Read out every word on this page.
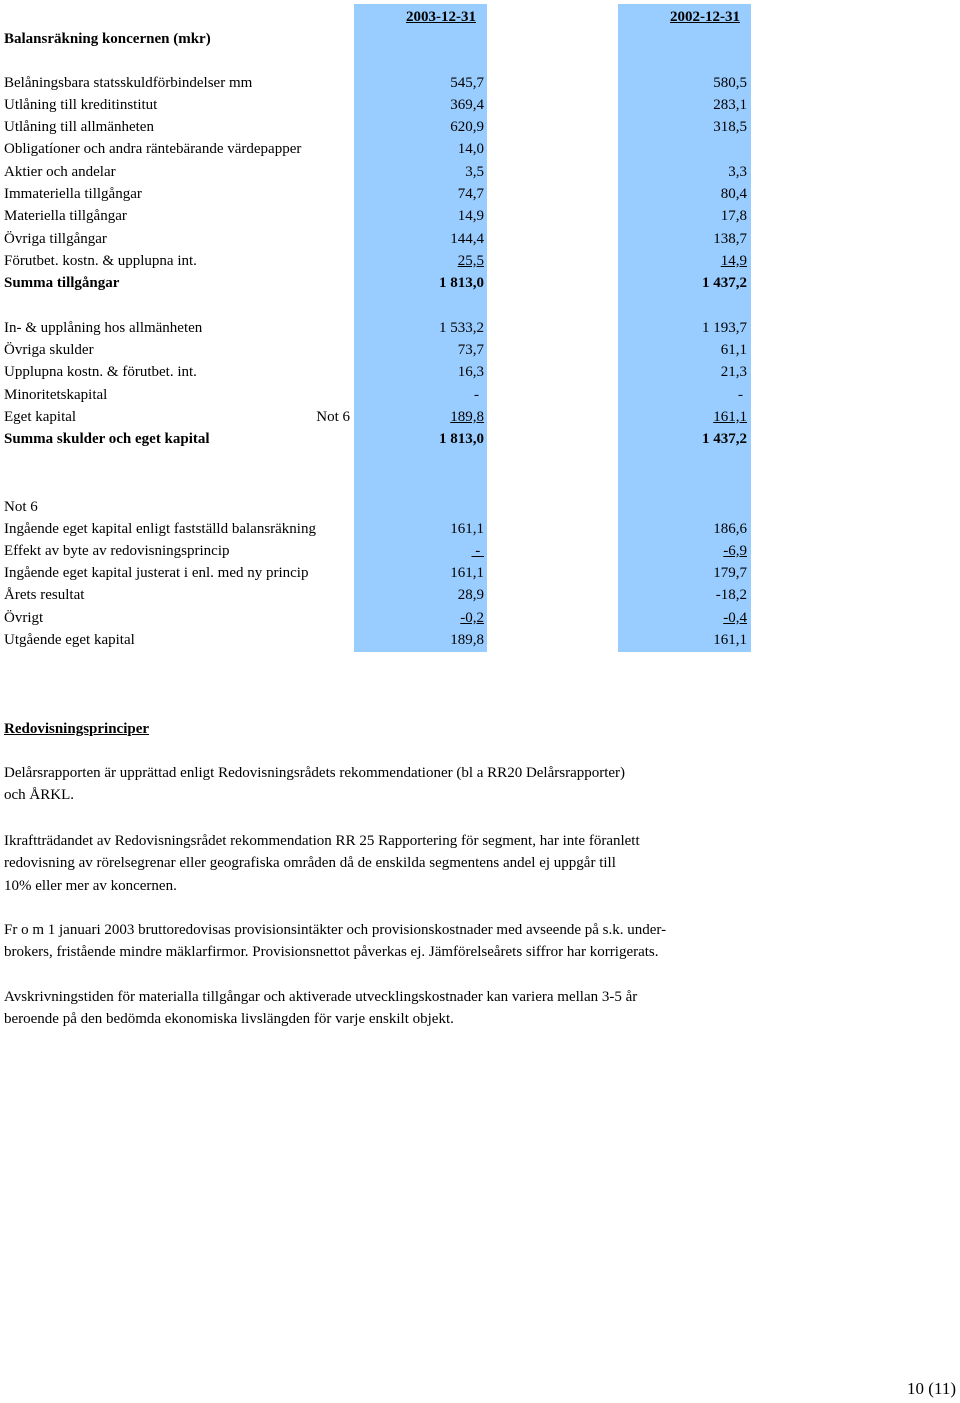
2003-12-31	2002-12-31
Balansräkning koncernen (mkr)
Belåningsbara statsskuldförbindelser mm	545,7	580,5
Utlåning till kreditinstitut	369,4	283,1
Utlåning till allmänheten	620,9	318,5
Obligatíoner och andra räntebärande värdepapper	14,0
Aktier och andelar	3,5	3,3
Immateriella tillgångar	74,7	80,4
Materiella tillgångar	14,9	17,8
Övriga tillgångar	144,4	138,7
Förutbet. kostn. & upplupna int.	25,5	14,9
Summa tillgångar	1 813,0	1 437,2
In- & upplåning hos allmänheten	1 533,2	1 193,7
Övriga skulder	73,7	61,1
Upplupna kostn. & förutbet. int.	16,3	21,3
Minoritetskapital	-	-
Eget kapital	Not 6	189,8	161,1
Summa skulder och eget kapital	1 813,0	1 437,2
Not 6
Ingående eget kapital enligt fastställd balansräkning	161,1	186,6
Effekt av byte av redovisningsprincip	-	-6,9
Ingående eget kapital justerat i enl. med ny princip	161,1	179,7
Årets resultat	28,9	-18,2
Övrigt	-0,2	-0,4
Utgående eget kapital	189,8	161,1
Redovisningsprinciper
Delårsrapporten är upprättad enligt Redovisningsrådets rekommendationer (bl a RR20 Delårsrapporter)
och ÅRKL.
Ikraftträdandet av Redovisningsrådet rekommendation RR 25 Rapportering för segment, har inte föranlett
redovisning av rörelsegrenar eller geografiska områden då de enskilda segmentens andel ej uppgår till
10% eller mer av koncernen.
Fr o m 1 januari 2003 bruttoredovisas provisionsintäkter och provisionskostnader med avseende på s.k. under-
brokers, fristående mindre mäklarfirmor. Provisionsnettot påverkas ej. Jämförelseårets siffror har korrigerats.
Avskrivningstiden för materialla tillgångar och aktiverade utvecklingskostnader kan variera mellan 3-5 år
beroende på den bedömda ekonomiska livslängden för varje enskilt objekt.
10 (11)
